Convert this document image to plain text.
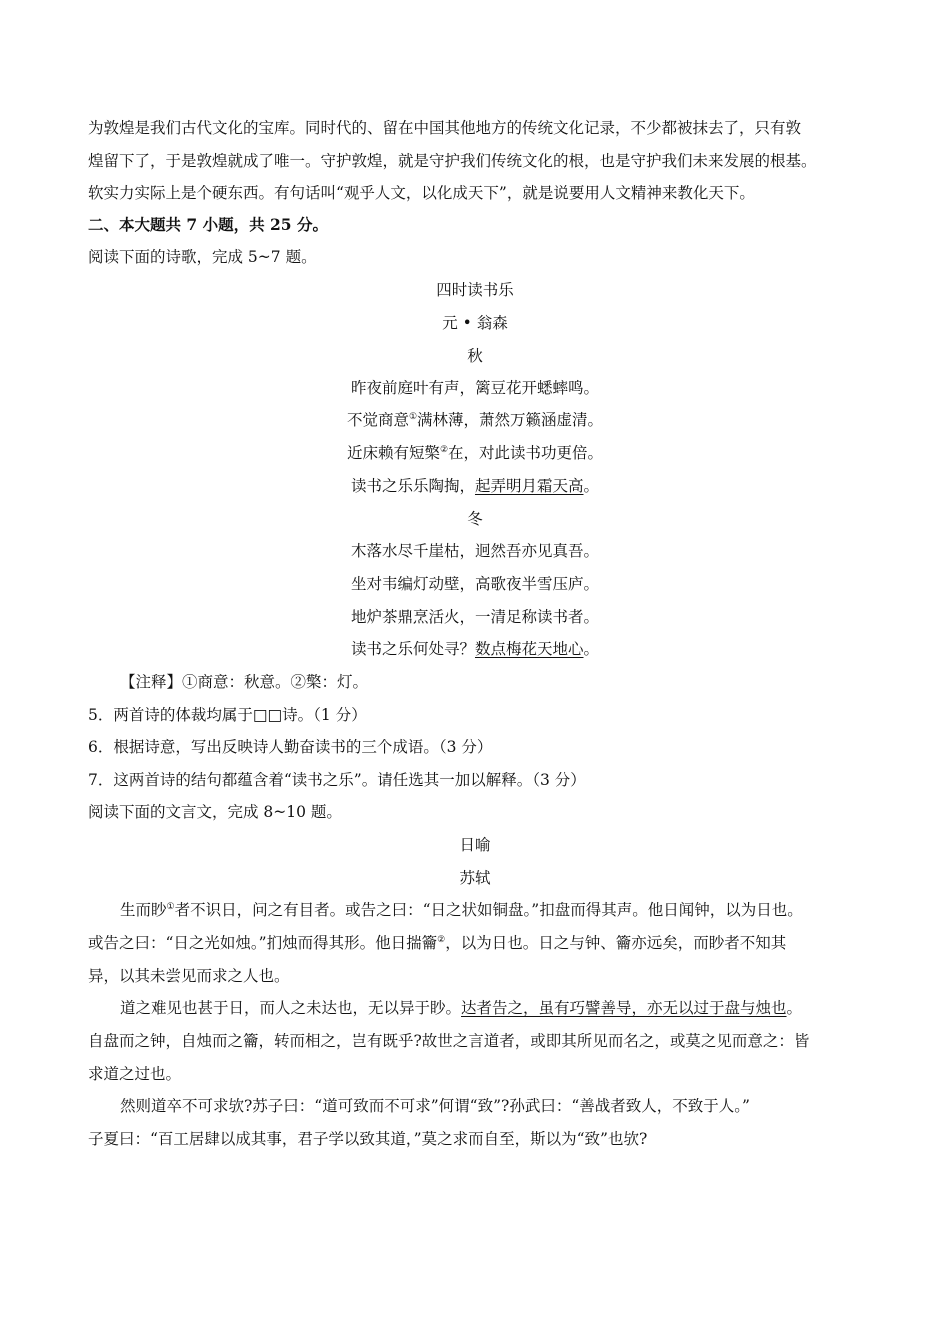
为敦煌是我们古代文化的宝库。同时代的、留在中国其他地方的传统文化记录，不少都被抹去了，只有敦
煌留下了，于是敦煌就成了唯一。守护敦煌，就是守护我们传统文化的根，也是守护我们未来发展的根基。
软实力实际上是个硬东西。有句话叫“观乎人文，以化成天下”，就是说要用人文精神来教化天下。
二、本大题共 7 小题，共 25 分。
阅读下面的诗歌，完成 5~7 题。
四时读书乐
元 • 翁森
秋
昨夜前庭叶有声，篱豆花开蟋蟀鸣。
不觉商意①满林薄，萧然万籁涵虚清。
近床赖有短檠②在，对此读书功更倍。
读书之乐乐陶掏，起弄明月霜天高。
冬
木落水尽千崖枯，迥然吾亦见真吾。
坐对韦编灯动壁，高歌夜半雪压庐。
地炉茶鼎烹活火，一清足称读书者。
读书之乐何处寻？数点梅花天地心。
【注释】①商意：秋意。②檠：灯。
5．两首诗的体裁均属于□□诗。（1 分）
6．根据诗意，写出反映诗人勤奋读书的三个成语。（3 分）
7．这两首诗的结句都蕴含着“读书之乐”。请任选其一加以解释。（3 分）
阅读下面的文言文，完成 8~10 题。
日喻
苏轼
生而眇①者不识日，问之有目者。或告之曰：“日之状如铜盘。”扣盘而得其声。他日闻钟，以为日也。
或告之曰：“日之光如烛。”扪烛而得其形。他日揣籥②，以为日也。日之与钟、籥亦远矣，而眇者不知其
异，以其未尝见而求之人也。
道之难见也甚于日，而人之未达也，无以异于眇。达者告之，虽有巧譬善导，亦无以过于盘与烛也。
自盘而之钟，自烛而之籥，转而相之，岂有既乎?故世之言道者，或即其所见而名之，或莫之见而意之：皆
求道之过也。
然则道卒不可求欤?苏子曰：“道可致而不可求”何谓“致”?孙武曰：“善战者致人，不致于人。”
子夏曰：“百工居肆以成其事，君子学以致其道，”莫之求而自至，斯以为“致”也欤?
